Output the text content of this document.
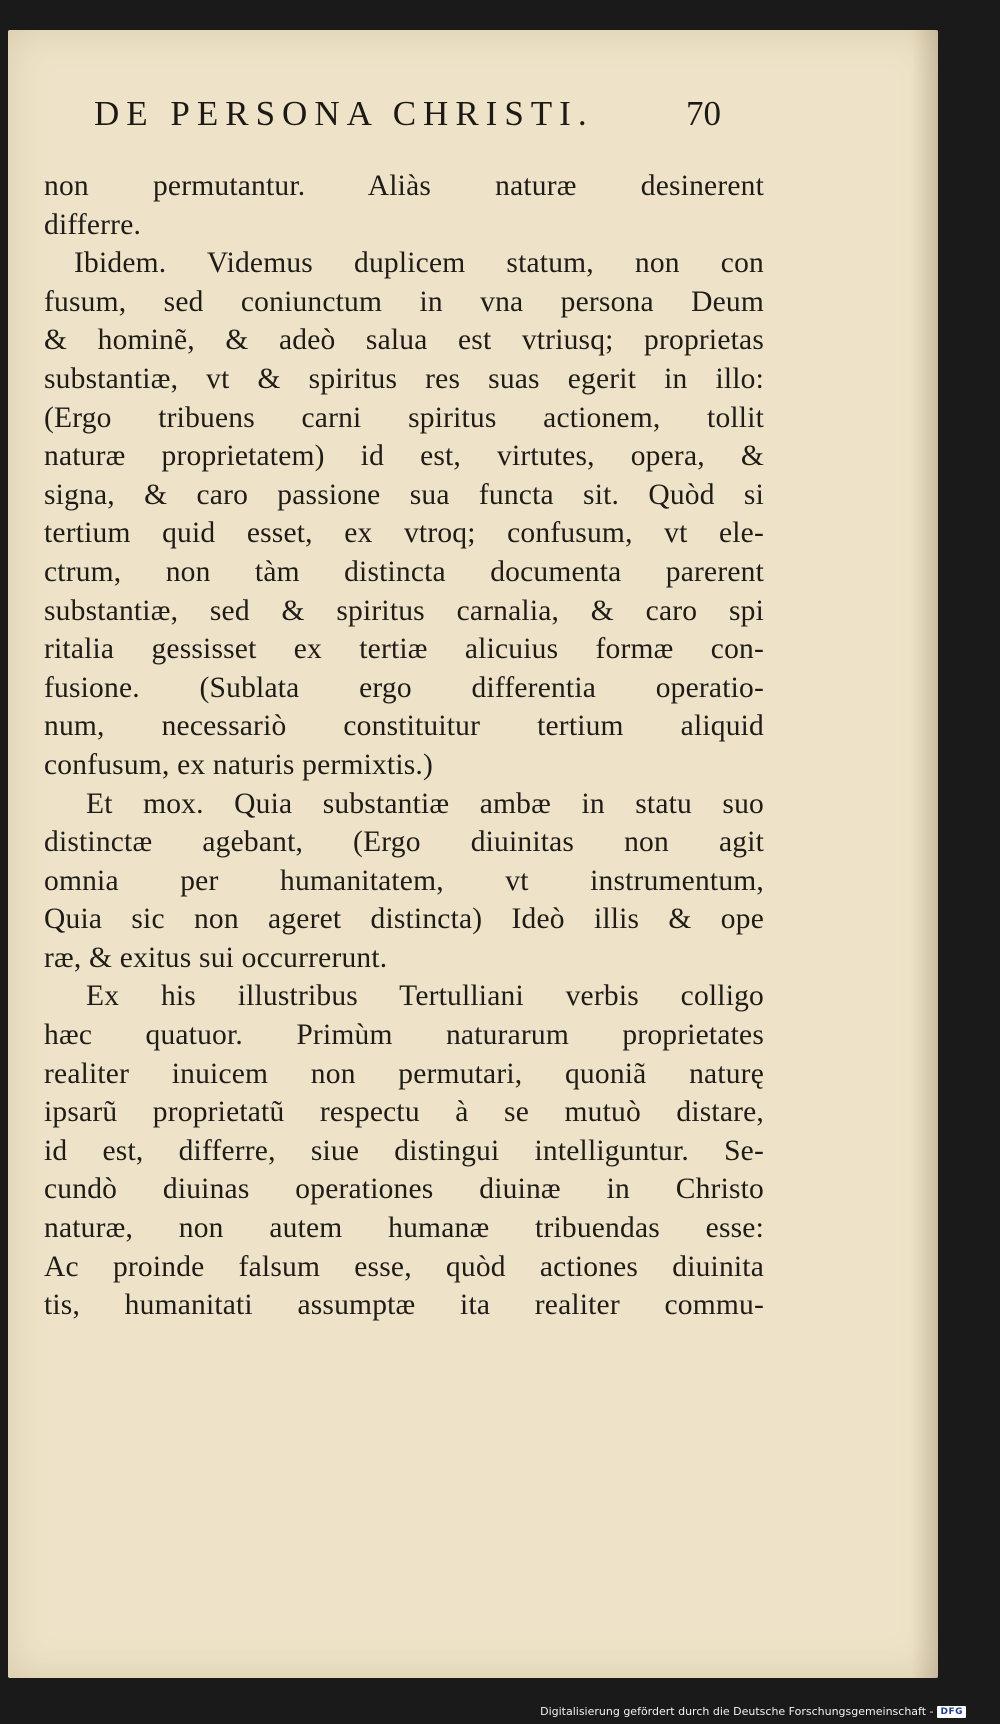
DE PERSONA CHRISTI.	70
non permutantur. Aliàs naturæ desinerent
differre.
Ibidem. Videmus duplicem statum, non con
fusum, sed coniunctum in vna persona Deum
& hominẽ, & adeò salua est vtriusq; proprietas
substantiæ, vt & spiritus res suas egerit in illo:
(Ergo tribuens carni spiritus actionem, tollit
naturæ proprietatem) id est, virtutes, opera, &
signa, & caro passione sua functa sit. Quòd si
tertium quid esset, ex vtroq; confusum, vt ele-
ctrum, non tàm distincta documenta parerent
substantiæ, sed & spiritus carnalia, & caro spi
ritalia gessisset ex tertiæ alicuius formæ con-
fusione. (Sublata ergo differentia operatio-
num, necessariò constituitur tertium aliquid
confusum, ex naturis permixtis.)
Et mox. Quia substantiæ ambæ in statu suo
distinctæ agebant, (Ergo diuinitas non agit
omnia per humanitatem, vt instrumentum,
Quia sic non ageret distincta) Ideò illis & ope
ræ, & exitus sui occurrerunt.
Ex his illustribus Tertulliani verbis colligo
hæc quatuor. Primùm naturarum proprietates
realiter inuicem non permutari, quoniã naturę
ipsarũ proprietatũ respectu à se mutuò distare,
id est, differre, siue distingui intelliguntur. Se-
cundò diuinas operationes diuinæ in Christo
naturæ, non autem humanæ tribuendas esse:
Ac proinde falsum esse, quòd actiones diuinita
tis, humanitati assumptæ ita realiter commu-
Digitalisierung gefördert durch die Deutsche Forschungsgemeinschaft - DFG
